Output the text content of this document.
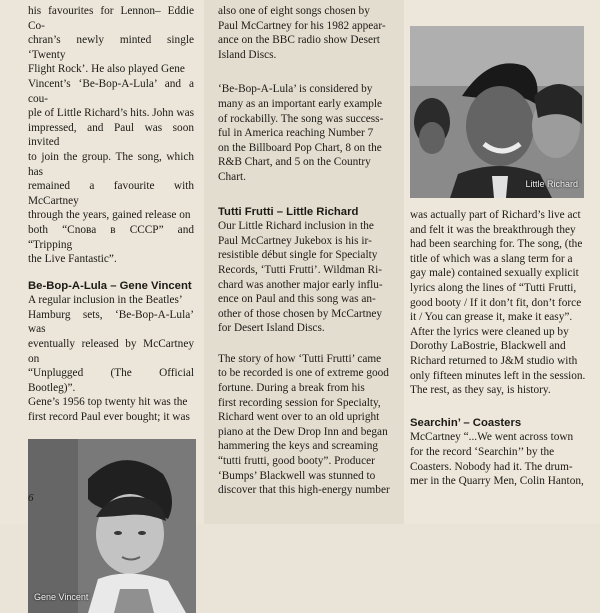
his favourites for Lennon– Eddie Co-
chran’s newly minted single ‘Twenty
Flight Rock’. He also played Gene
Vincent’s ‘Be-Bop-A-Lula’ and a cou-
ple of Little Richard’s hits. John was
impressed, and Paul was soon invited
to join the group. The song, which has
remained a favourite with McCartney
through the years, gained release on
both “Cnова в СССР” and “Tripping
the Live Fantastic”.

Be-Bop-A-Lula – Gene Vincent

A regular inclusion in the Beatles’
Hamburg sets, ‘Be-Bop-A-Lula’ was
eventually released by McCartney on
“Unplugged (The Official Bootleg)”.
Gene’s 1956 top twenty hit was the
first record Paul ever bought; it was

Gene Vincent
6

also one of eight songs chosen by
Paul McCartney for his 1982 appear-
ance on the BBC radio show Desert
Island Discs.

‘Be-Bop-A-Lula’ is considered by
many as an important early example
of rockabilly. The song was success-
ful in America reaching Number 7
on the Billboard Pop Chart, 8 on the
R&B Chart, and 5 on the Country
Chart.

Tutti Frutti – Little Richard

Our Little Richard inclusion in the
Paul McCartney Jukebox is his ir-
resistible début single for Specialty
Records, ‘Tutti Frutti’. Wildman Ri-
chard was another major early influ-
ence on Paul and this song was an-
other of those chosen by McCartney
for Desert Island Discs.

The story of how ‘Tutti Frutti’ came
to be recorded is one of extreme good
fortune. During a break from his
first recording session for Specialty,
Richard went over to an old upright
piano at the Dew Drop Inn and began
hammering the keys and screaming
“tutti frutti, good booty”. Producer
‘Bumps’ Blackwell was stunned to
discover that this high-energy number

Little Richard

was actually part of Richard’s live act
and felt it was the breakthrough they
had been searching for. The song, (the
title of which was a slang term for a
gay male) contained sexually explicit
lyrics along the lines of “Tutti Frutti,
good booty / If it don’t fit, don’t force
it / You can grease it, make it easy”.
After the lyrics were cleaned up by
Dorothy LaBostrie, Blackwell and
Richard returned to J&M studio with
only fifteen minutes left in the session.
The rest, as they say, is history.

Searchin’ – Coasters

McCartney “...We went across town
for the record ‘Searchin’’ by the
Coasters. Nobody had it. The drum-
mer in the Quarry Men, Colin Hanton,
